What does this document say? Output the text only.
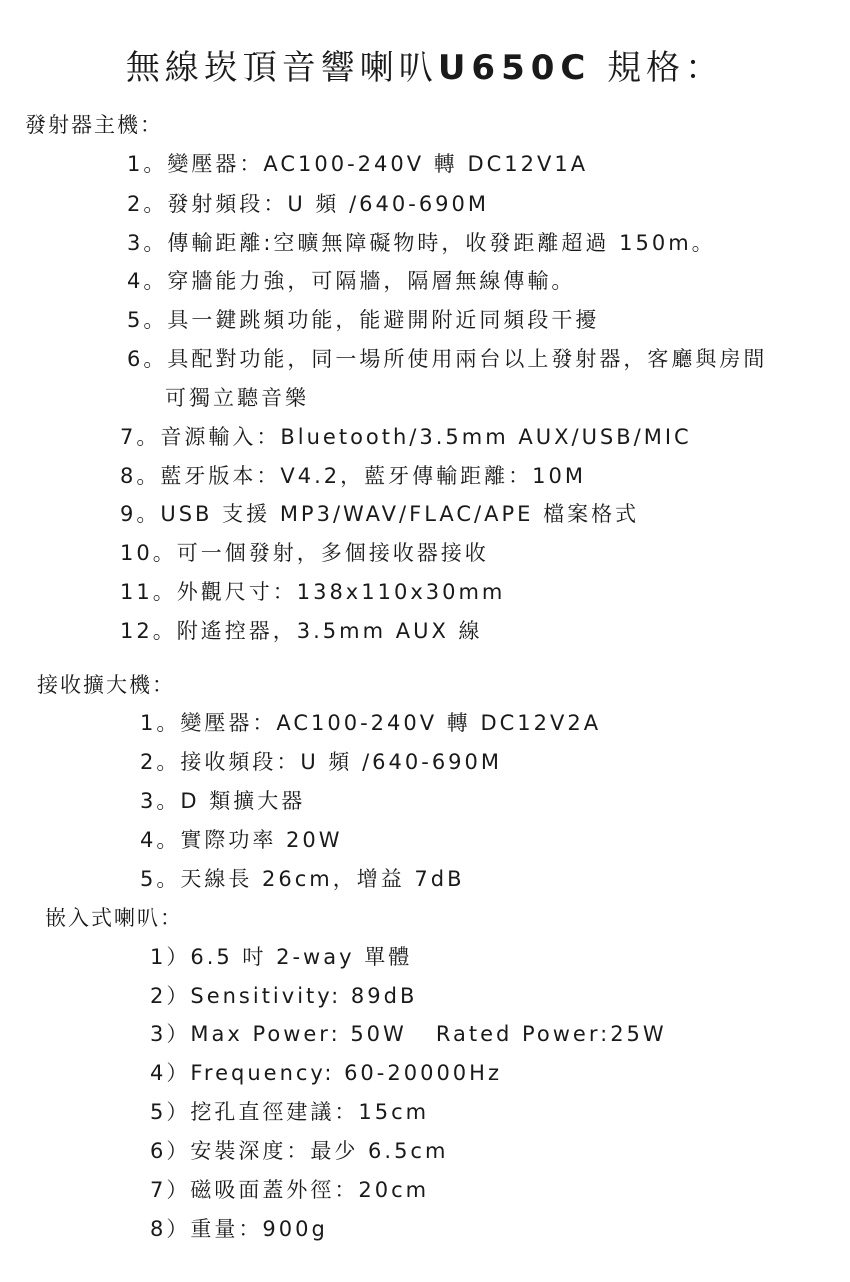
無線崁頂音響喇叭U650C 規格：
發射器主機：
1。變壓器：AC100-240V 轉 DC12V1A
2。發射頻段：U 頻 /640-690M
3。傳輸距離:空曠無障礙物時，收發距離超過 150m。
4。穿牆能力強，可隔牆，隔層無線傳輸。
5。具一鍵跳頻功能，能避開附近同頻段干擾
6。具配對功能，同一場所使用兩台以上發射器，客廳與房間
可獨立聽音樂
7。音源輸入：Bluetooth/3.5mm AUX/USB/MIC
8。藍牙版本：V4.2，藍牙傳輸距離：10M
9。USB 支援 MP3/WAV/FLAC/APE 檔案格式
10。可一個發射，多個接收器接收
11。外觀尺寸：138x110x30mm
12。附遙控器，3.5mm AUX 線
接收擴大機：
1。變壓器：AC100-240V 轉 DC12V2A
2。接收頻段：U 頻 /640-690M
3。D 類擴大器
4。實際功率 20W
5。天線長 26cm，增益 7dB
嵌入式喇叭：
1）6.5 吋 2-way 單體
2）Sensitivity: 89dB
3）Max Power: 50W   Rated Power:25W
4）Frequency: 60-20000Hz
5）挖孔直徑建議：15cm
6）安裝深度：最少 6.5cm
7）磁吸面蓋外徑：20cm
8）重量：900g
